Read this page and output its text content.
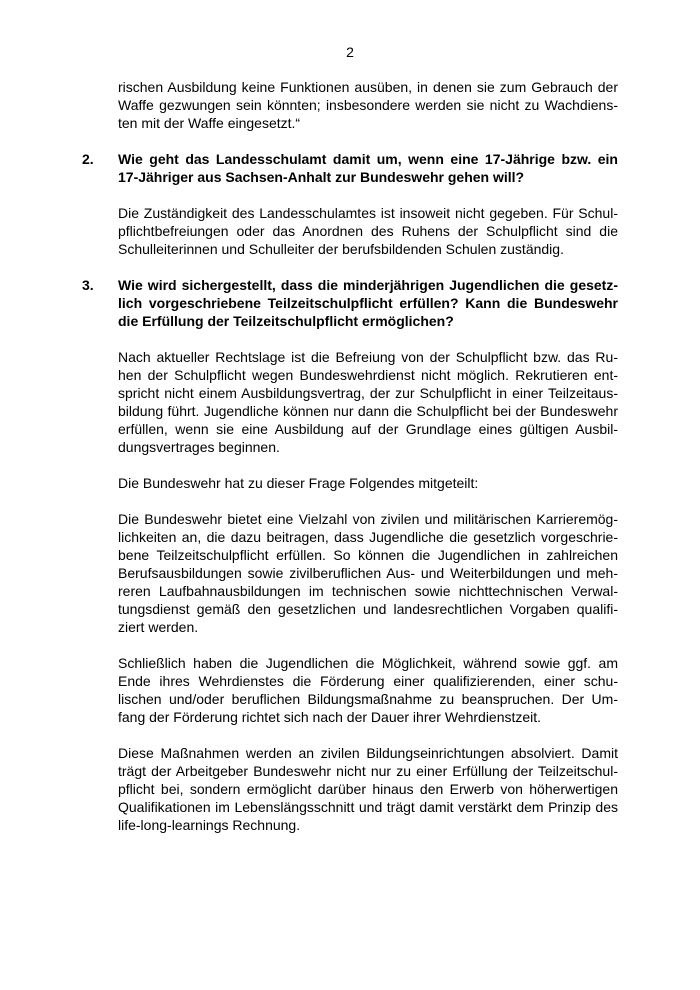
2
rischen Ausbildung keine Funktionen ausüben, in denen sie zum Gebrauch der
Waffe gezwungen sein könnten; insbesondere werden sie nicht zu Wachdiens-
ten mit der Waffe eingesetzt.“
2. Wie geht das Landesschulamt damit um, wenn eine 17-Jährige bzw. ein
17-Jähriger aus Sachsen-Anhalt zur Bundeswehr gehen will?
Die Zuständigkeit des Landesschulamtes ist insoweit nicht gegeben. Für Schul-
pflichtbefreiungen oder das Anordnen des Ruhens der Schulpflicht sind die
Schulleiterinnen und Schulleiter der berufsbildenden Schulen zuständig.
3. Wie wird sichergestellt, dass die minderjährigen Jugendlichen die gesetz-
lich vorgeschriebene Teilzeitschulpflicht erfüllen? Kann die Bundeswehr
die Erfüllung der Teilzeitschulpflicht ermöglichen?
Nach aktueller Rechtslage ist die Befreiung von der Schulpflicht bzw. das Ru-
hen der Schulpflicht wegen Bundeswehrdienst nicht möglich. Rekrutieren ent-
spricht nicht einem Ausbildungsvertrag, der zur Schulpflicht in einer Teilzeitaus-
bildung führt. Jugendliche können nur dann die Schulpflicht bei der Bundeswehr
erfüllen, wenn sie eine Ausbildung auf der Grundlage eines gültigen Ausbil-
dungsvertrages beginnen.
Die Bundeswehr hat zu dieser Frage Folgendes mitgeteilt:
Die Bundeswehr bietet eine Vielzahl von zivilen und militärischen Karrieremög-
lichkeiten an, die dazu beitragen, dass Jugendliche die gesetzlich vorgeschrie-
bene Teilzeitschulpflicht erfüllen. So können die Jugendlichen in zahlreichen
Berufsausbildungen sowie zivilberuflichen Aus- und Weiterbildungen und meh-
reren Laufbahnausbildungen im technischen sowie nichttechnischen Verwal-
tungsdienst gemäß den gesetzlichen und landesrechtlichen Vorgaben qualifi-
ziert werden.
Schließlich haben die Jugendlichen die Möglichkeit, während sowie ggf. am
Ende ihres Wehrdienstes die Förderung einer qualifizierenden, einer schu-
lischen und/oder beruflichen Bildungsmaßnahme zu beanspruchen. Der Um-
fang der Förderung richtet sich nach der Dauer ihrer Wehrdienstzeit.
Diese Maßnahmen werden an zivilen Bildungseinrichtungen absolviert. Damit
trägt der Arbeitgeber Bundeswehr nicht nur zu einer Erfüllung der Teilzeitschul-
pflicht bei, sondern ermöglicht darüber hinaus den Erwerb von höherwertigen
Qualifikationen im Lebenslängsschnitt und trägt damit verstärkt dem Prinzip des
life-long-learnings Rechnung.
